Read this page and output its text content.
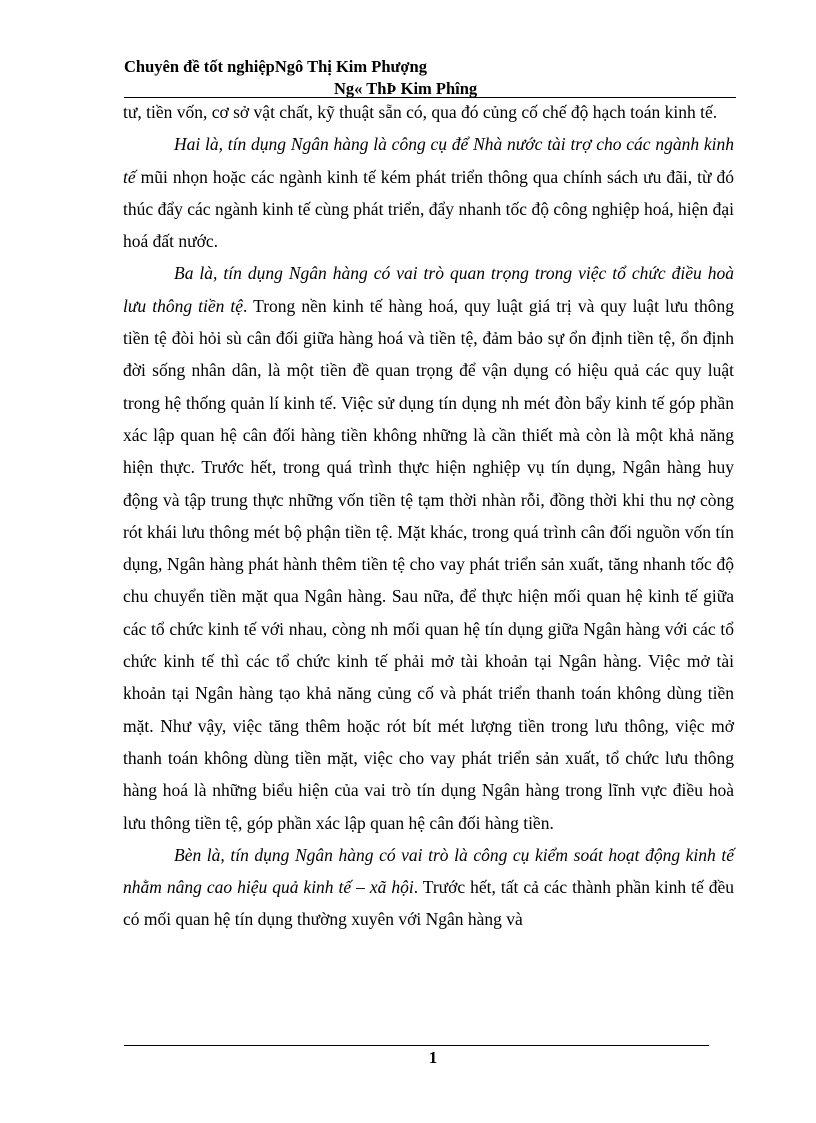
Chuyên đề tốt nghiệpNgô Thị Kim Phượng
Ng« ThÞ Kim Phîng

tư, tiền vốn, cơ sở vật chất, kỹ thuật sẵn có, qua đó củng cố chế độ hạch toán kinh tế.

Hai là, tín dụng Ngân hàng là công cụ để Nhà nước tài trợ cho các ngành kinh tế mũi nhọn hoặc các ngành kinh tế kém phát triển thông qua chính sách ưu đãi, từ đó thúc đẩy các ngành kinh tế cùng phát triển, đẩy nhanh tốc độ công nghiệp hoá, hiện đại hoá đất nước.

Ba là, tín dụng Ngân hàng có vai trò quan trọng trong việc tổ chức điều hoà lưu thông tiền tệ. Trong nền kinh tế hàng hoá, quy luật giá trị và quy luật lưu thông tiền tệ đòi hỏi sù cân đối giữa hàng hoá và tiền tệ, đảm bảo sự ổn định tiền tệ, ổn định đời sống nhân dân, là một tiền đề quan trọng để vận dụng có hiệu quả các quy luật trong hệ thống quản lí kinh tế. Việc sử dụng tín dụng nh mét đòn bẩy kinh tế góp phần xác lập quan hệ cân đối hàng tiền không những là cần thiết mà còn là một khả năng hiện thực. Trước hết, trong quá trình thực hiện nghiệp vụ tín dụng, Ngân hàng huy động và tập trung thực những vốn tiền tệ tạm thời nhàn rỗi, đồng thời khi thu nợ còng rót khái lưu thông mét bộ phận tiền tệ. Mặt khác, trong quá trình cân đối nguồn vốn tín dụng, Ngân hàng phát hành thêm tiền tệ cho vay phát triển sản xuất, tăng nhanh tốc độ chu chuyển tiền mặt qua Ngân hàng. Sau nữa, để thực hiện mối quan hệ kinh tế giữa các tổ chức kinh tế với nhau, còng nh mối quan hệ tín dụng giữa Ngân hàng với các tổ chức kinh tế thì các tổ chức kinh tế phải mở tài khoản tại Ngân hàng. Việc mở tài khoản tại Ngân hàng tạo khả năng củng cố và phát triển thanh toán không dùng tiền mặt. Như vậy, việc tăng thêm hoặc rót bít mét lượng tiền trong lưu thông, việc mở thanh toán không dùng tiền mặt, việc cho vay phát triển sản xuất, tổ chức lưu thông hàng hoá là những biểu hiện của vai trò tín dụng Ngân hàng trong lĩnh vực điều hoà lưu thông tiền tệ, góp phần xác lập quan hệ cân đối hàng tiền.

Bèn là, tín dụng Ngân hàng có vai trò là công cụ kiểm soát hoạt động kinh tế nhằm nâng cao hiệu quả kinh tế – xã hội. Trước hết, tất cả các thành phần kinh tế đều có mối quan hệ tín dụng thường xuyên với Ngân hàng và

1
